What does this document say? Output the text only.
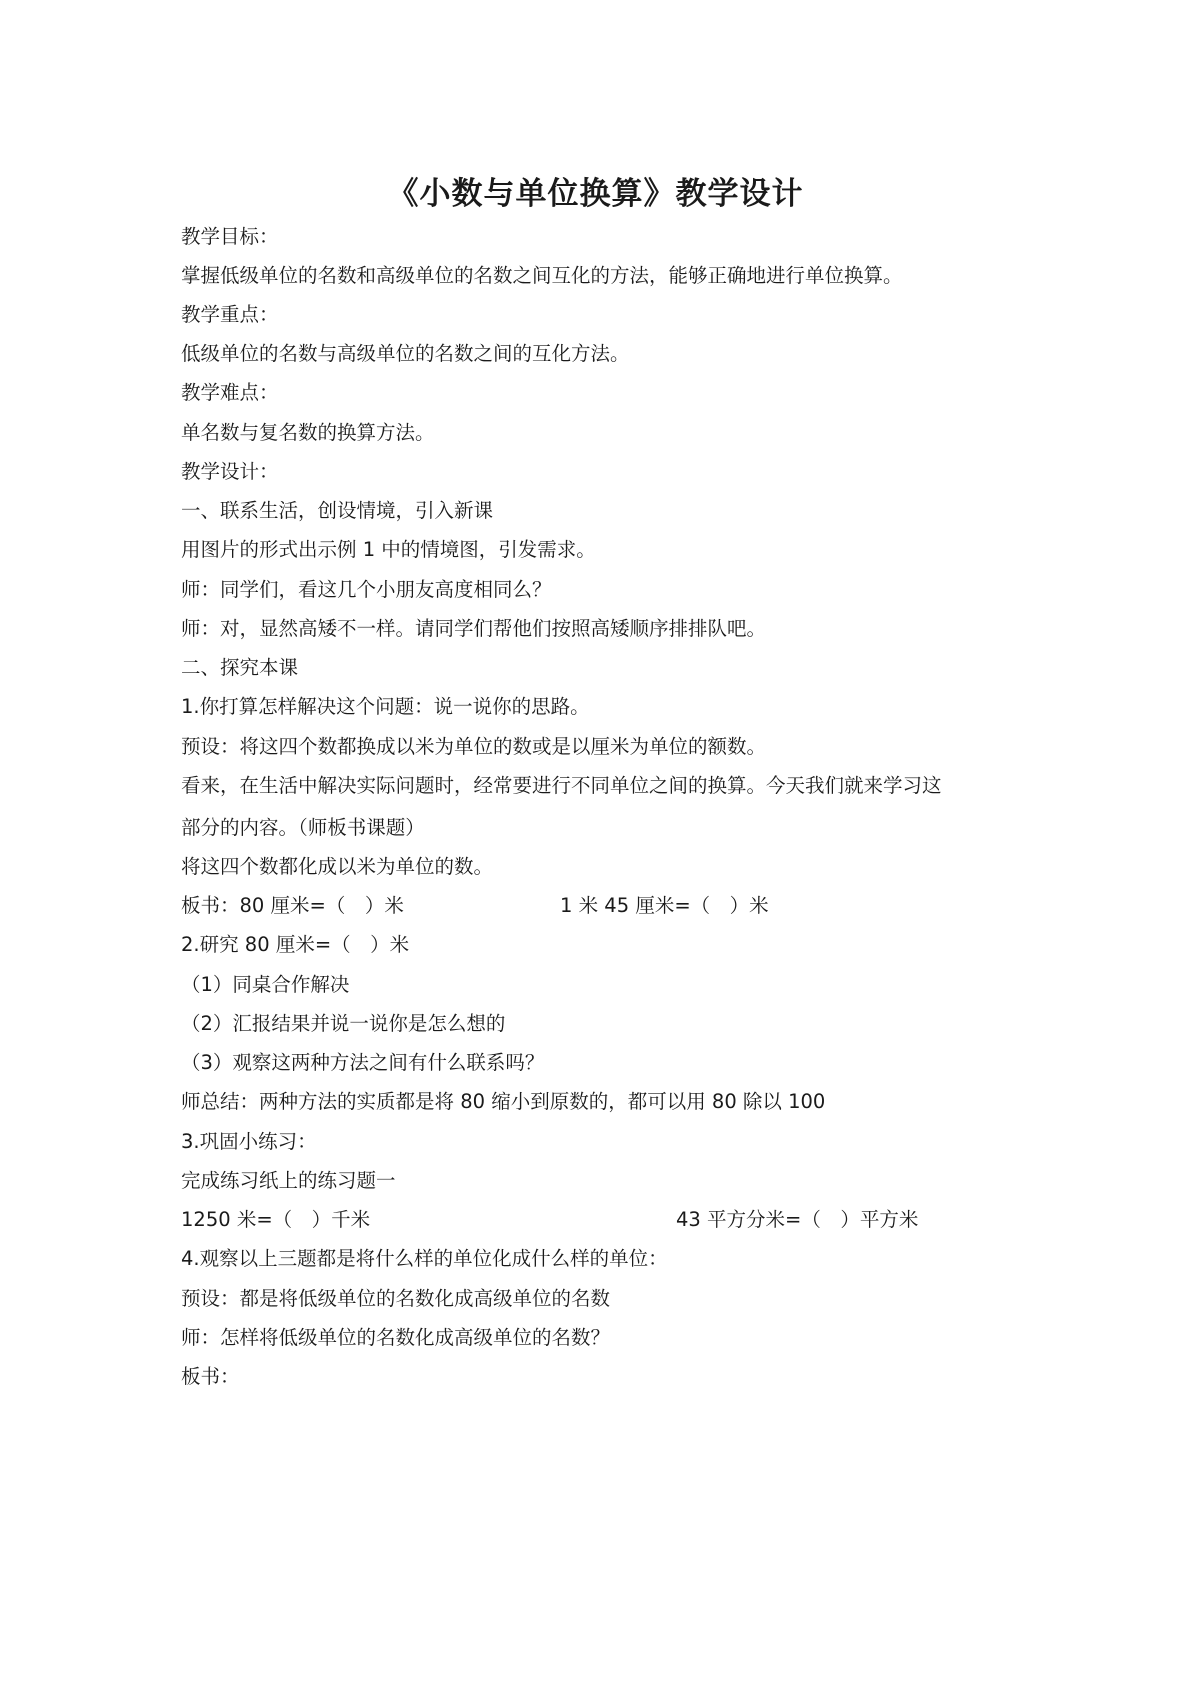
《小数与单位换算》教学设计
教学目标：
掌握低级单位的名数和高级单位的名数之间互化的方法，能够正确地进行单位换算。
教学重点：
低级单位的名数与高级单位的名数之间的互化方法。
教学难点：
单名数与复名数的换算方法。
教学设计：
一、联系生活，创设情境，引入新课
用图片的形式出示例 1 中的情境图，引发需求。
师：同学们，看这几个小朋友高度相同么？
师：对，显然高矮不一样。请同学们帮他们按照高矮顺序排排队吧。
二、探究本课
1.你打算怎样解决这个问题：说一说你的思路。
预设：将这四个数都换成以米为单位的数或是以厘米为单位的额数。
看来，在生活中解决实际问题时，经常要进行不同单位之间的换算。今天我们就来学习这
部分的内容。（师板书课题）
将这四个数都化成以米为单位的数。
板书：80 厘米=（　）米	1 米 45 厘米=（　）米
2.研究 80 厘米=（　）米
（1）同桌合作解决
（2）汇报结果并说一说你是怎么想的
（3）观察这两种方法之间有什么联系吗？
师总结：两种方法的实质都是将 80 缩小到原数的，都可以用 80 除以 100
3.巩固小练习：
完成练习纸上的练习题一
1250 米=（　）千米	43 平方分米=（　）平方米
4.观察以上三题都是将什么样的单位化成什么样的单位：
预设：都是将低级单位的名数化成高级单位的名数
师：怎样将低级单位的名数化成高级单位的名数？
板书：
